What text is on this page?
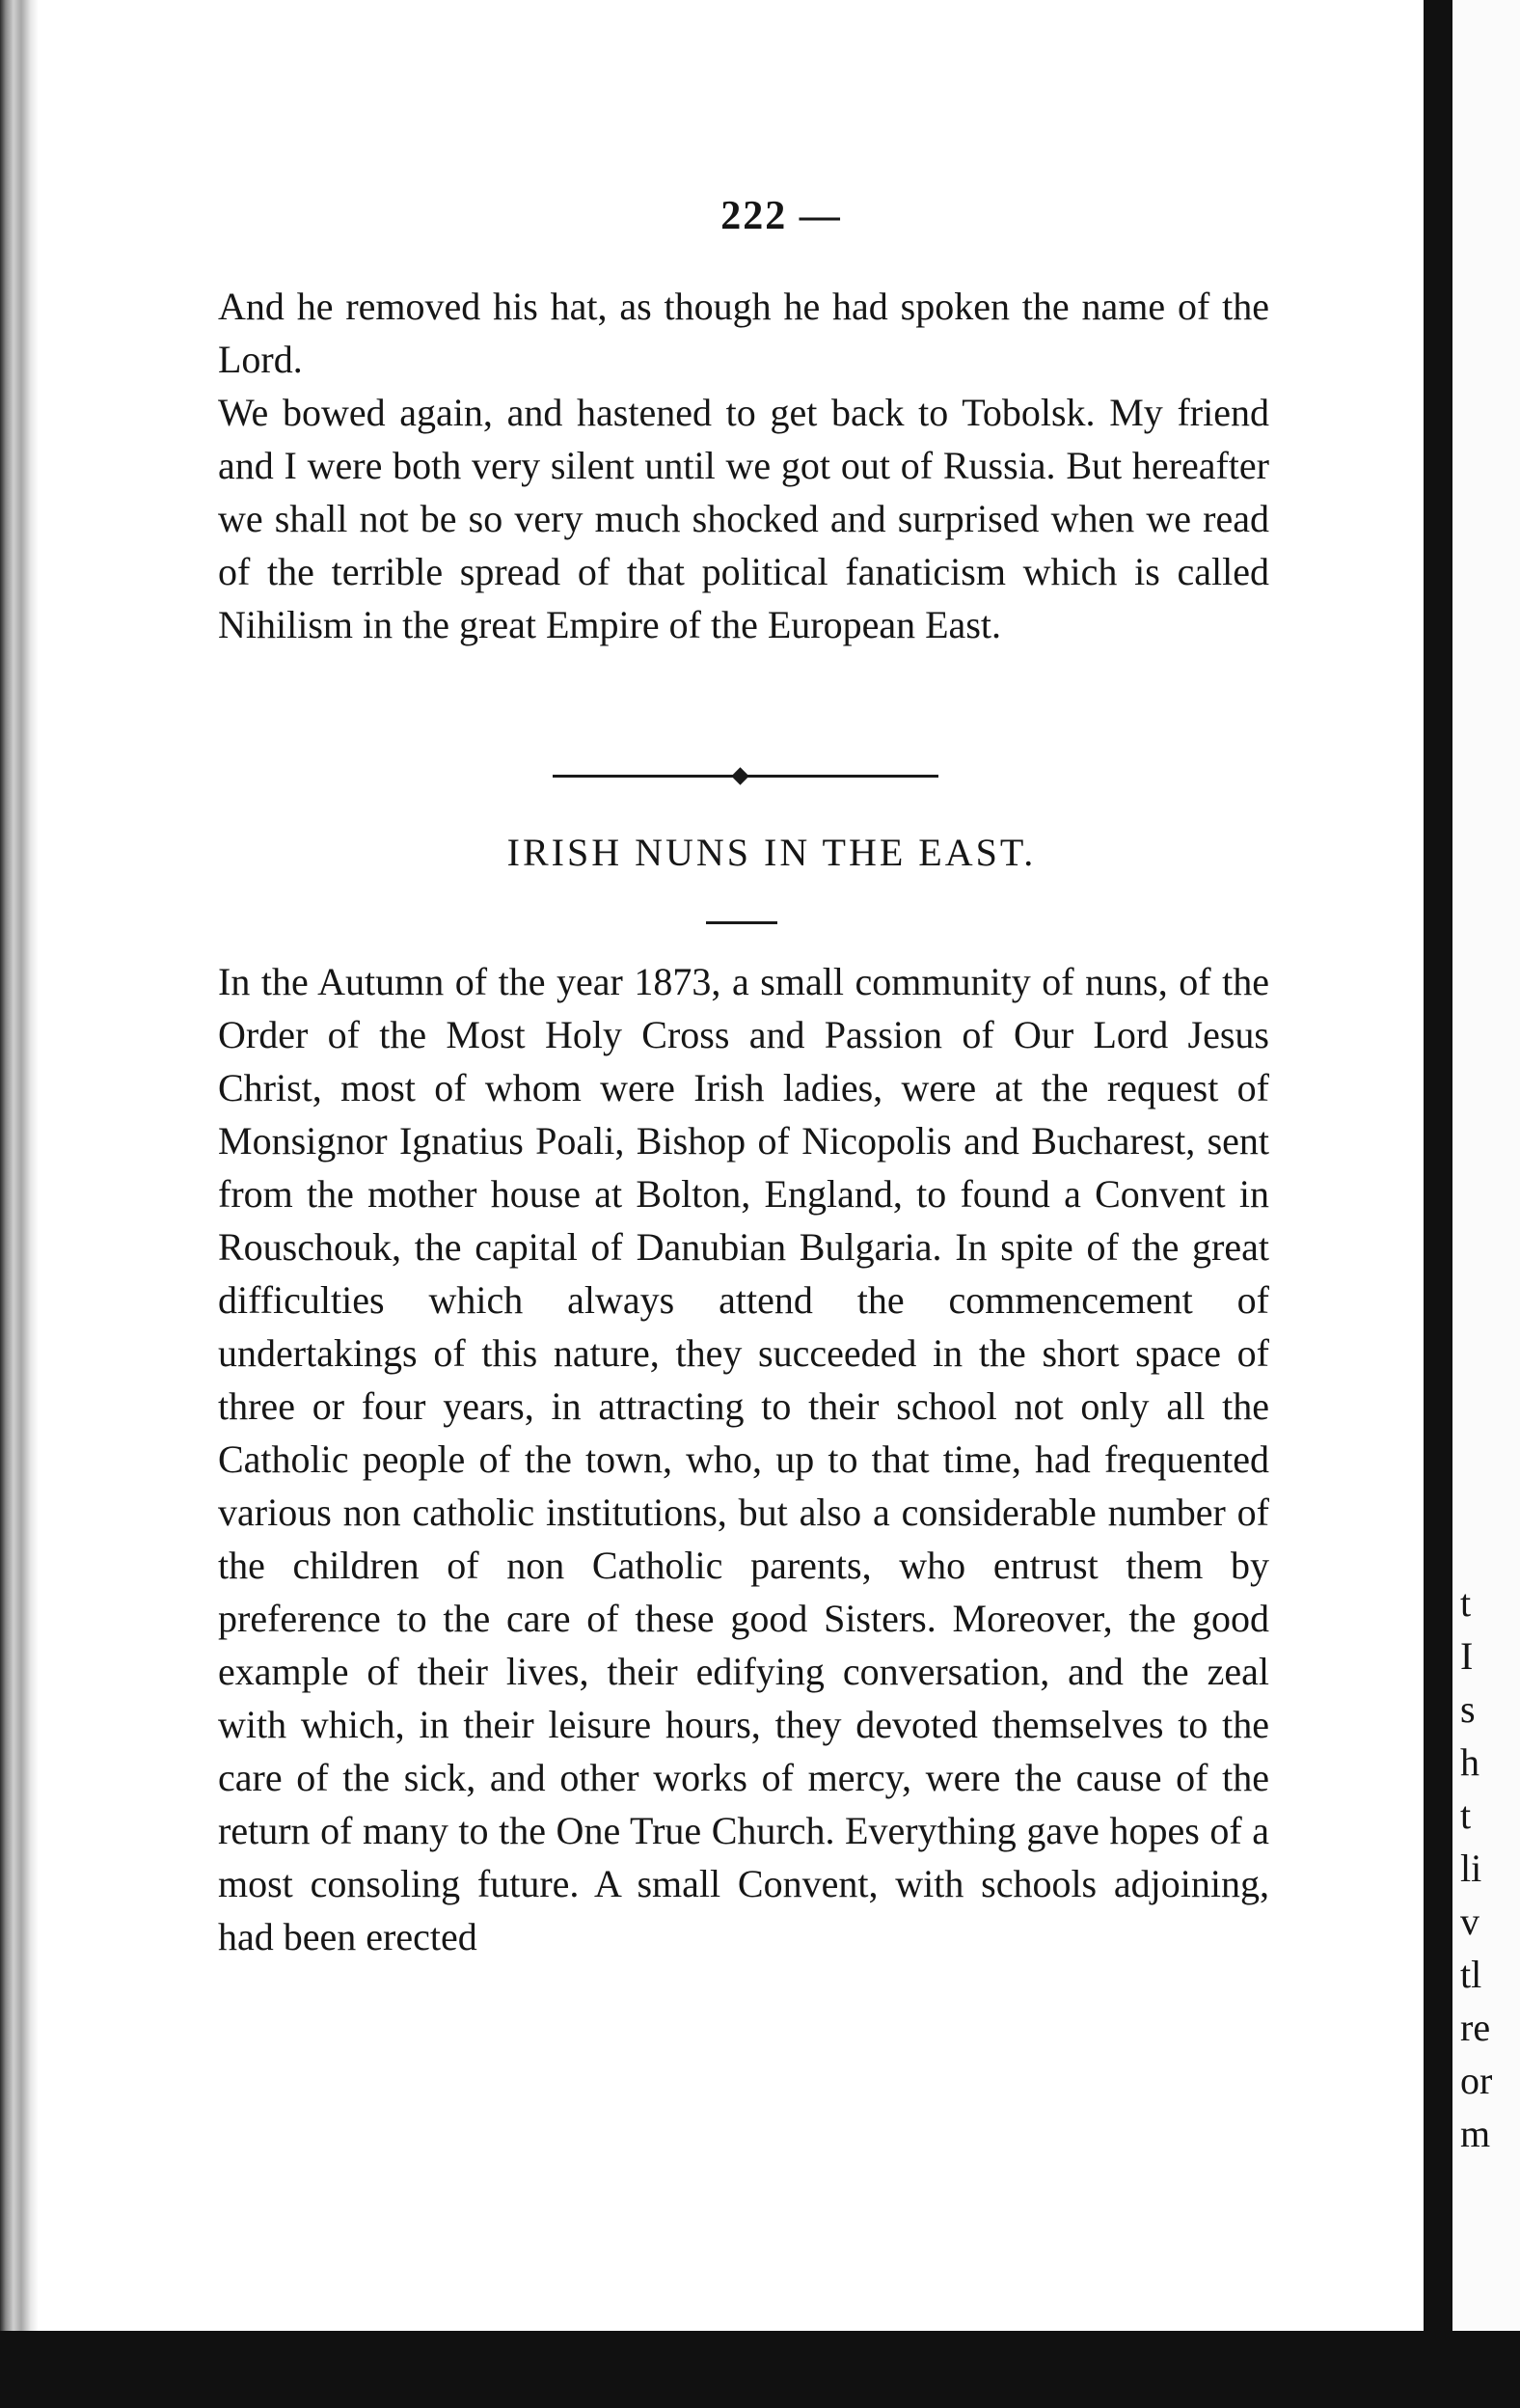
222 —

And he removed his hat, as though he had spoken the name of the Lord.

We bowed again, and hastened to get back to Tobolsk. My friend and I were both very silent until we got out of Russia. But hereafter we shall not be so very much shocked and surprised when we read of the terrible spread of that political fanaticism which is called Nihilism in the great Empire of the European East.

IRISH NUNS IN THE EAST.

In the Autumn of the year 1873, a small community of nuns, of the Order of the Most Holy Cross and Passion of Our Lord Jesus Christ, most of whom were Irish ladies, were at the request of Monsignor Ignatius Poali, Bishop of Nicopolis and Bucharest, sent from the mother house at Bolton, England, to found a Convent in Rouschouk, the capital of Danubian Bulgaria. In spite of the great difficulties which always attend the commencement of undertakings of this nature, they succeeded in the short space of three or four years, in attracting to their school not only all the Catholic people of the town, who, up to that time, had frequented various non catholic institutions, but also a considerable number of the children of non Catholic parents, who entrust them by preference to the care of these good Sisters. Moreover, the good example of their lives, their edifying conversation, and the zeal with which, in their leisure hours, they devoted themselves to the care of the sick, and other works of mercy, were the cause of the return of many to the One True Church. Everything gave hopes of a most consoling future. A small Convent, with schools adjoining, had been erected

t
I
s
h
t
li
v
tl
re
or
m
